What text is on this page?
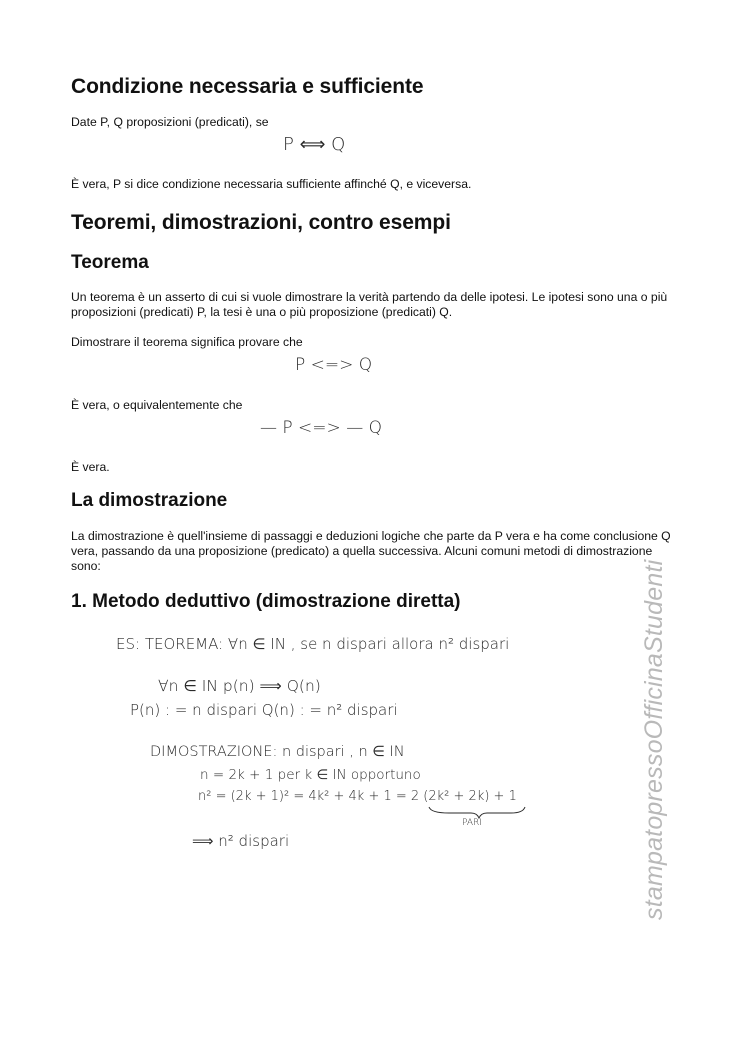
Condizione necessaria e sufficiente

Date P, Q proposizioni (predicati), se

P ⟺ Q

È vera, P si dice condizione necessaria sufficiente affinché Q, e viceversa.

Teoremi, dimostrazioni, contro esempi
Teorema

Un teorema è un asserto di cui si vuole dimostrare la verità partendo da delle ipotesi. Le ipotesi sono una o più proposizioni (predicati) P, la tesi è una o più proposizione (predicati) Q.

Dimostrare il teorema significa provare che

P <=> Q

È vera, o equivalentemente che

— P <=> — Q

È vera.

La dimostrazione

La dimostrazione è quell'insieme di passaggi e deduzioni logiche che parte da P vera e ha come conclusione Q vera, passando da una proposizione (predicato) a quella successiva. Alcuni comuni metodi di dimostrazione sono:

1. Metodo deduttivo (dimostrazione diretta)
ES: TEOREMA: ∀n ∈ IN , se n dispari allora n² dispari
∀n ∈ IN p(n) ⟹ Q(n)
P(n) : = n dispari Q(n) : = n² dispari
DIMOSTRAZIONE: n dispari , n ∈ IN
n = 2k + 1 per k ∈ IN opportuno
n² = (2k + 1)² = 4k² + 4k + 1 = 2 (2k² + 2k) + 1
PARI
⟹ n² dispari	stampatopressoOfficinaStudenti
